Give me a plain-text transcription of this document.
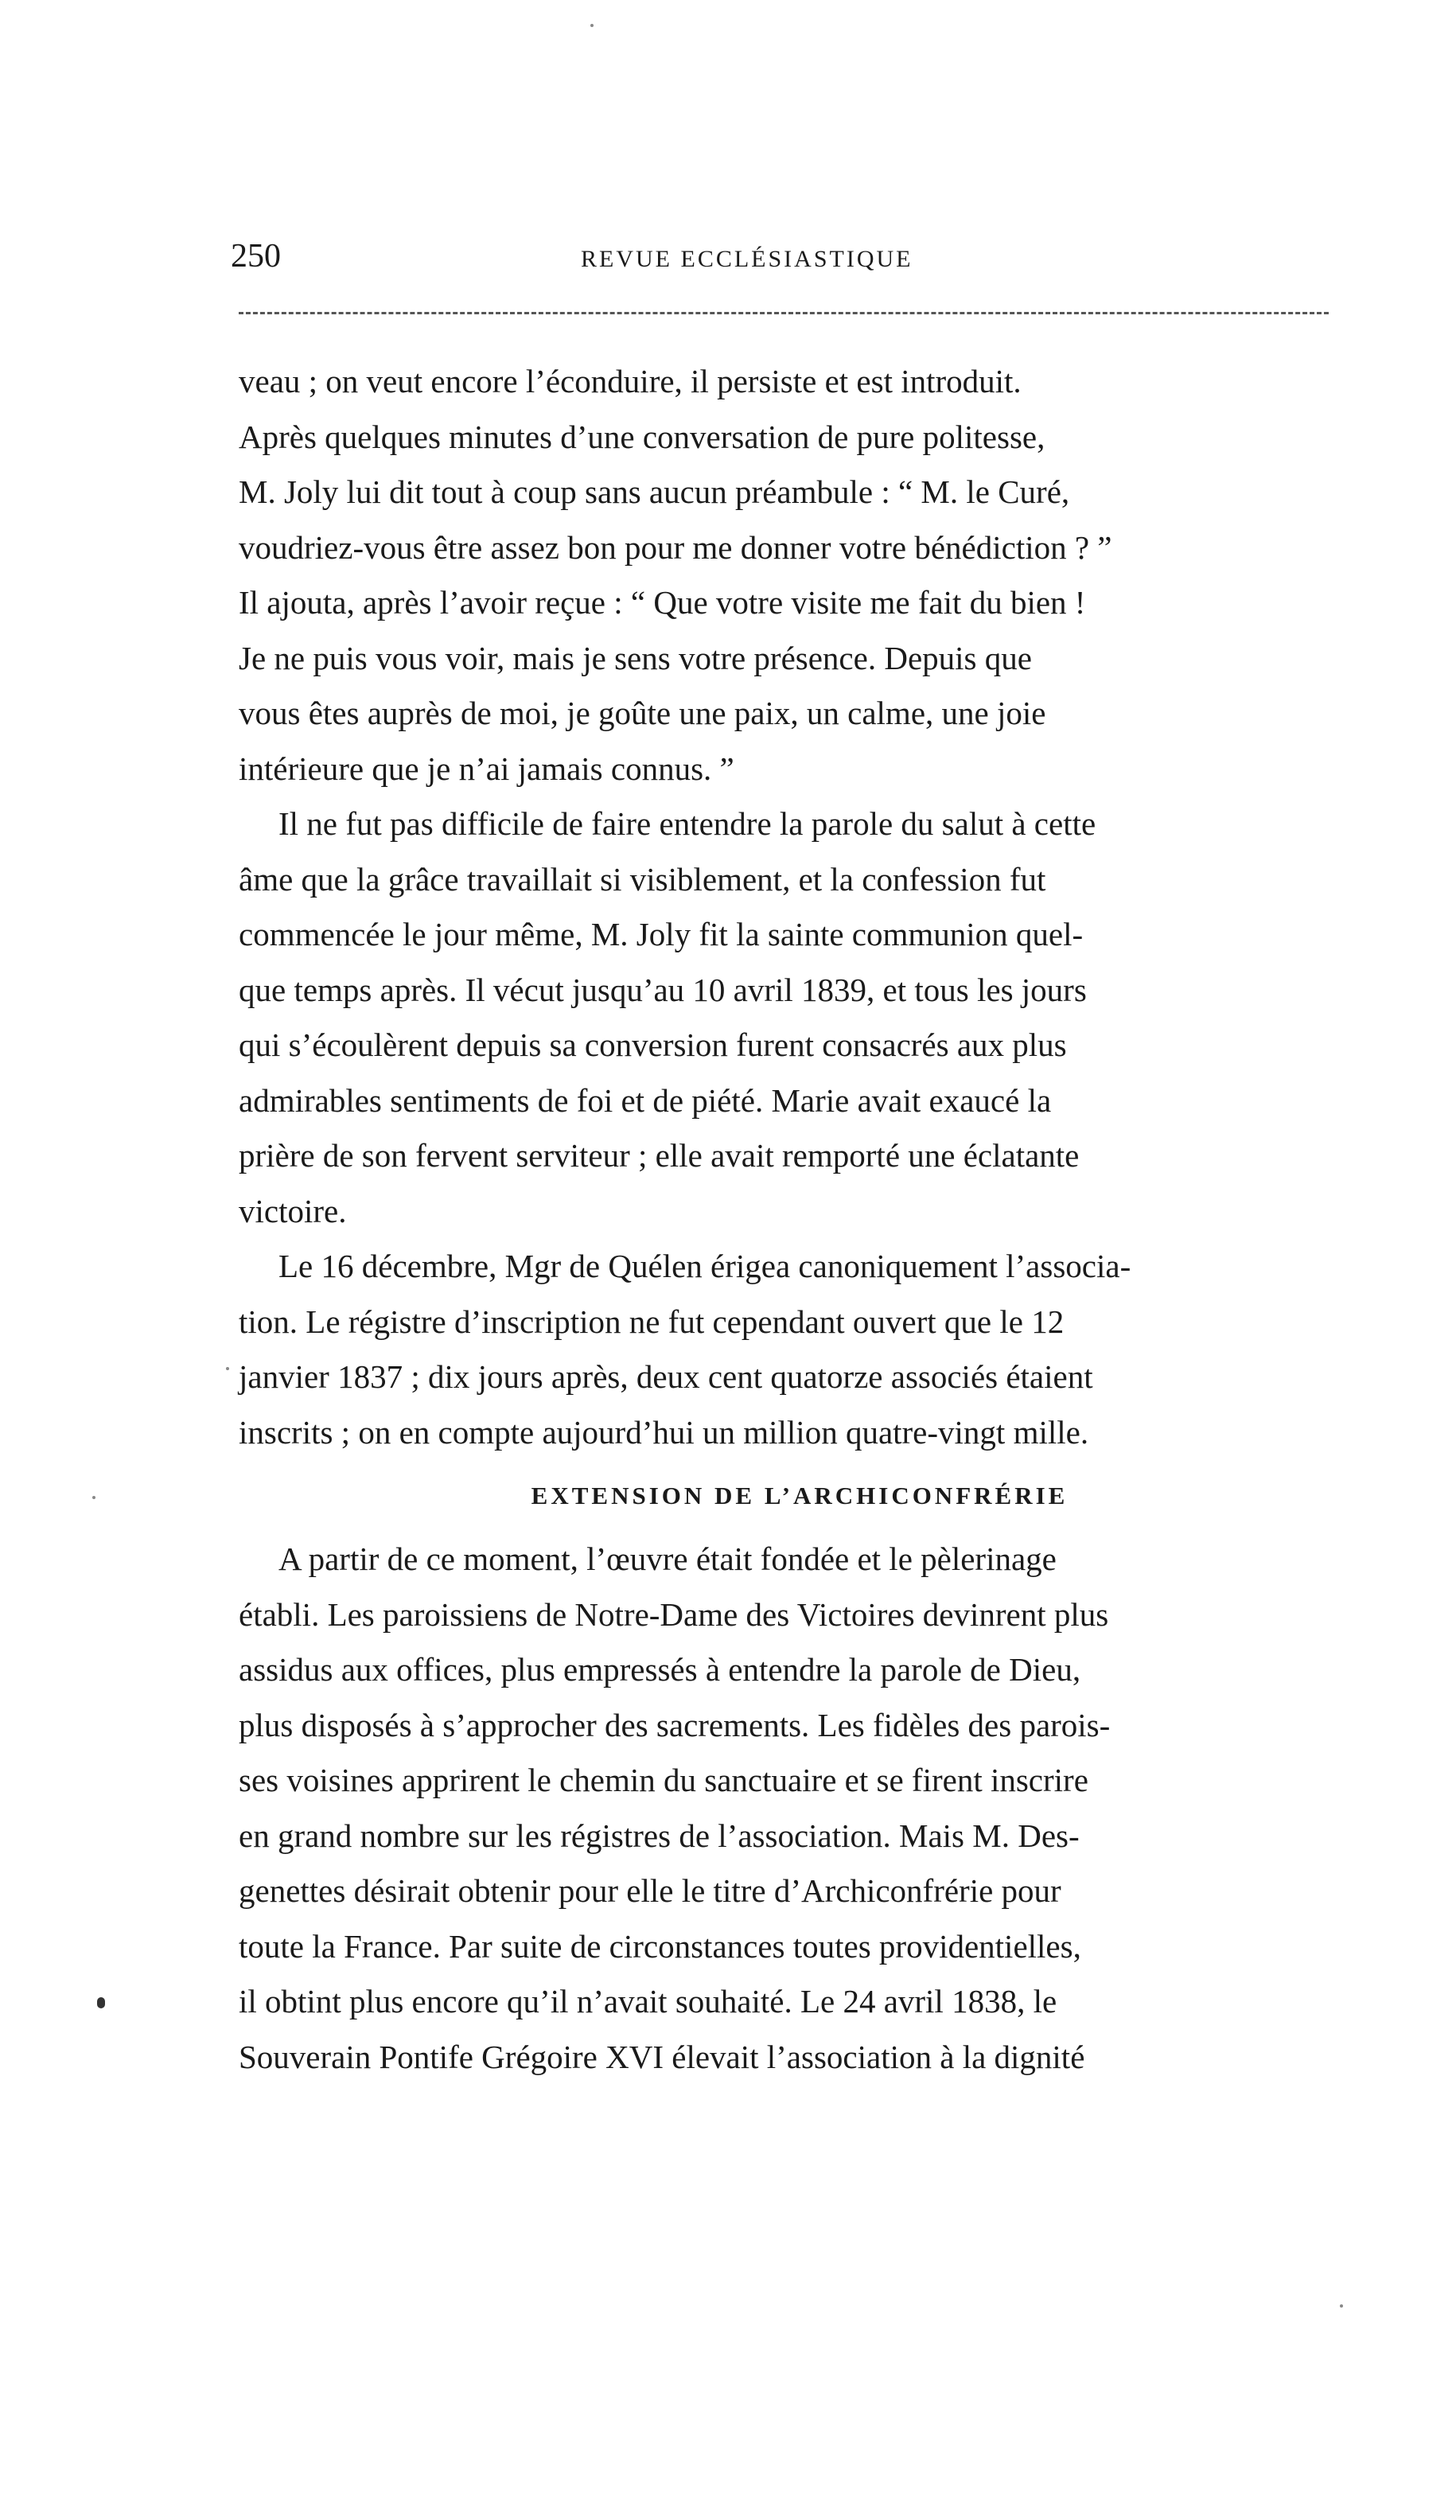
250	REVUE ECCLÉSIASTIQUE

veau ; on veut encore l’éconduire, il persiste et est introduit.
Après quelques minutes d’une conversation de pure politesse,
M. Joly lui dit tout à coup sans aucun préambule : “ M. le Curé,
voudriez-vous être assez bon pour me donner votre bénédiction ? ”
Il ajouta, après l’avoir reçue : “ Que votre visite me fait du bien !
Je ne puis vous voir, mais je sens votre présence. Depuis que
vous êtes auprès de moi, je goûte une paix, un calme, une joie
intérieure que je n’ai jamais connus. ”

Il ne fut pas difficile de faire entendre la parole du salut à cette
âme que la grâce travaillait si visiblement, et la confession fut
commencée le jour même, M. Joly fit la sainte communion quel-
que temps après. Il vécut jusqu’au 10 avril 1839, et tous les jours
qui s’écoulèrent depuis sa conversion furent consacrés aux plus
admirables sentiments de foi et de piété. Marie avait exaucé la
prière de son fervent serviteur ; elle avait remporté une éclatante
victoire.

Le 16 décembre, Mgr de Quélen érigea canoniquement l’associa-
tion. Le régistre d’inscription ne fut cependant ouvert que le 12
janvier 1837 ; dix jours après, deux cent quatorze associés étaient
inscrits ; on en compte aujourd’hui un million quatre-vingt mille.

EXTENSION DE L’ARCHICONFRÉRIE

A partir de ce moment, l’œuvre était fondée et le pèlerinage
établi. Les paroissiens de Notre-Dame des Victoires devinrent plus
assidus aux offices, plus empressés à entendre la parole de Dieu,
plus disposés à s’approcher des sacrements. Les fidèles des parois-
ses voisines apprirent le chemin du sanctuaire et se firent inscrire
en grand nombre sur les régistres de l’association. Mais M. Des-
genettes désirait obtenir pour elle le titre d’Archiconfrérie pour
toute la France. Par suite de circonstances toutes providentielles,
il obtint plus encore qu’il n’avait souhaité. Le 24 avril 1838, le
Souverain Pontife Grégoire XVI élevait l’association à la dignité
